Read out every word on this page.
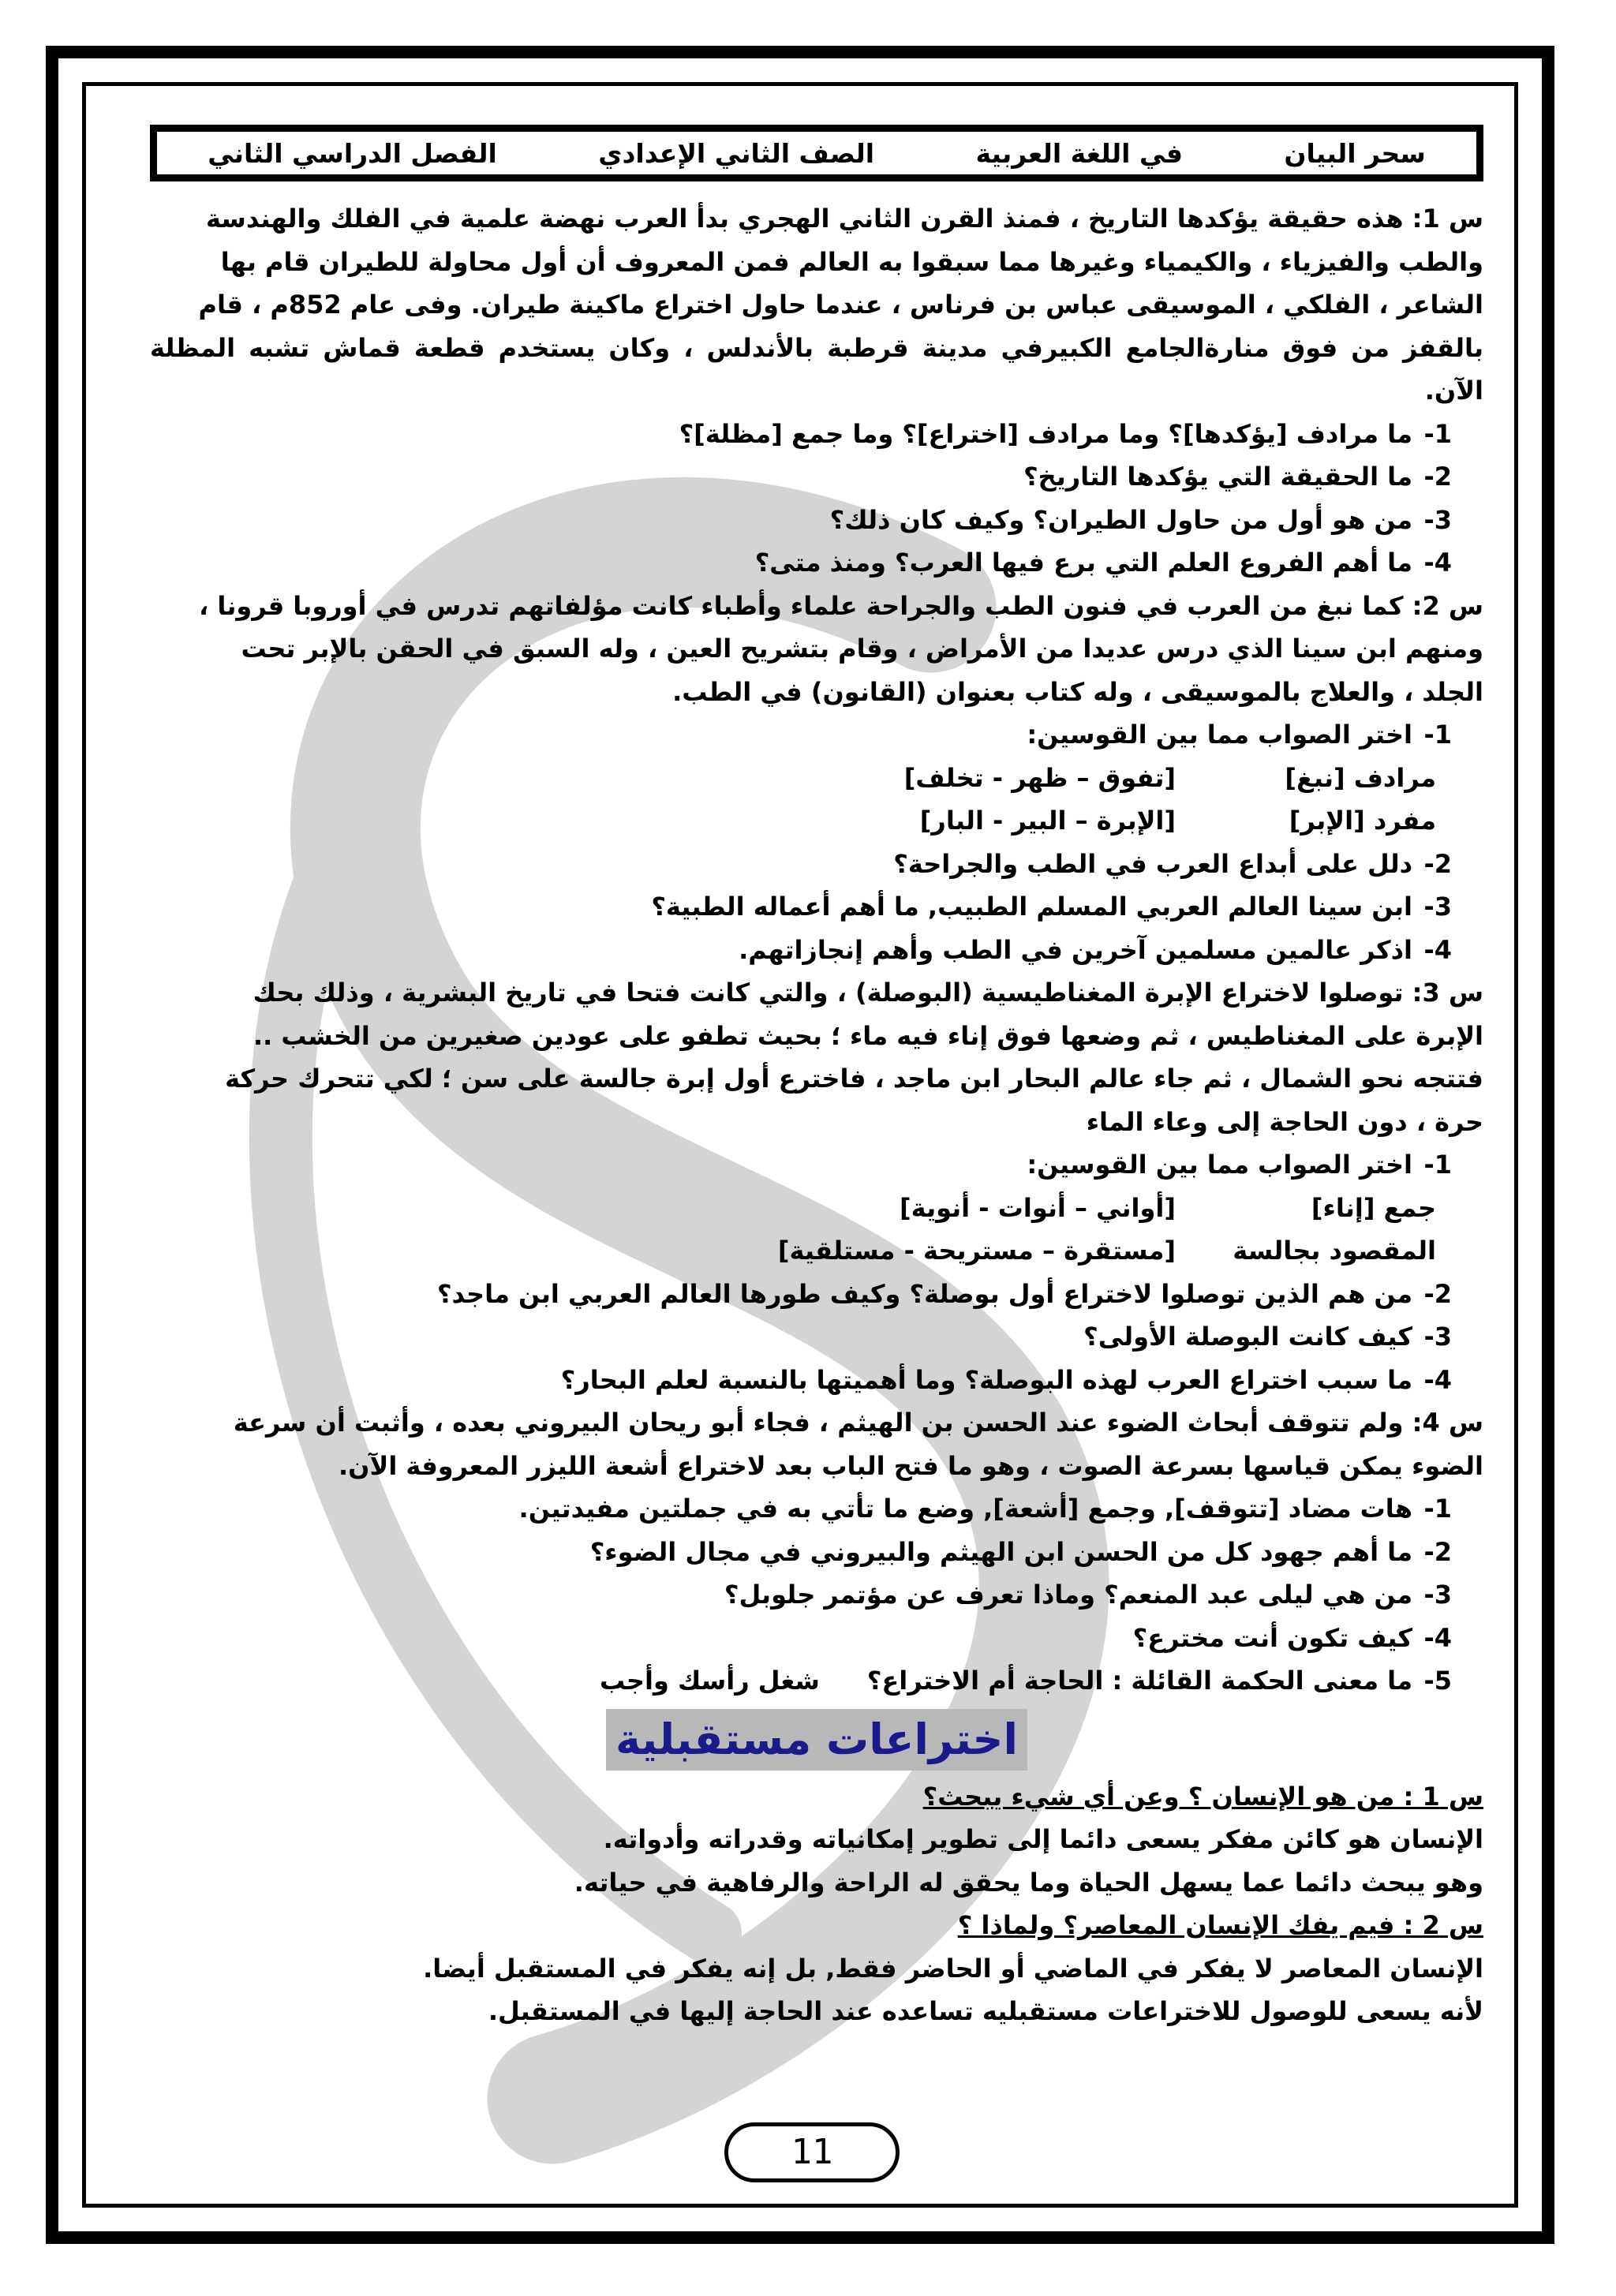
سحر البيان
في اللغة العربية
الصف الثاني الإعدادي
الفصل الدراسي الثاني

س 1: هذه حقيقة يؤكدها التاريخ ، فمنذ القرن الثاني الهجري بدأ العرب نهضة علمية في الفلك والهندسة

والطب والفيزياء ، والكيمياء وغيرها مما سبقوا به العالم فمن المعروف أن أول محاولة للطيران قام بها

الشاعر ، الفلكي ، الموسيقى عباس بن فرناس ، عندما حاول اختراع ماكينة طيران. وفى عام 852م ، قام

بالقفز من فوق منارةالجامع الكبيرفي مدينة قرطبة بالأندلس ، وكان يستخدم قطعة قماش تشبه المظلة الآن.

1-ما مرادف [يؤكدها]؟ وما مرادف [اختراع]؟ وما جمع [مظلة]؟
2-ما الحقيقة التي يؤكدها التاريخ؟
3-من هو أول من حاول الطيران؟ وكيف كان ذلك؟
4-ما أهم الفروع العلم التي برع فيها العرب؟ ومنذ متى؟

س 2: كما نبغ من العرب في فنون الطب والجراحة علماء وأطباء كانت مؤلفاتهم تدرس في أوروبا قرونا ،

ومنهم ابن سينا الذي درس عديدا من الأمراض ، وقام بتشريح العين ، وله السبق في الحقن بالإبر تحت

الجلد ، والعلاج بالموسيقى ، وله كتاب بعنوان (القانون) في الطب.

1-اختر الصواب مما بين القوسين:
مرادف [نبغ]
[تفوق – ظهر - تخلف]
مفرد [الإبر]
[الإبرة – البير - البار]
2-دلل على أبداع العرب في الطب والجراحة؟
3-ابن سينا العالم العربي المسلم الطبيب, ما أهم أعماله الطبية؟
4-اذكر عالمين مسلمين آخرين في الطب وأهم إنجازاتهم.

س 3: توصلوا لاختراع الإبرة المغناطيسية (البوصلة) ، والتي كانت فتحا في تاريخ البشرية ، وذلك بحك

الإبرة على المغناطيس ، ثم وضعها فوق إناء فيه ماء ؛ بحيث تطفو على عودين صغيرين من الخشب ..

فتتجه نحو الشمال ، ثم جاء عالم البحار ابن ماجد ، فاخترع أول إبرة جالسة على سن ؛ لكي تتحرك حركة

حرة ، دون الحاجة إلى وعاء الماء

1-اختر الصواب مما بين القوسين:
جمع [إناء]
[أواني – أنوات - أنوية]
المقصود بجالسة
[مستقرة – مستريحة - مستلقية]
2-من هم الذين توصلوا لاختراع أول بوصلة؟ وكيف طورها العالم العربي ابن ماجد؟
3-كيف كانت البوصلة الأولى؟
4-ما سبب اختراع العرب لهذه البوصلة؟ وما أهميتها بالنسبة لعلم البحار؟

س 4: ولم تتوقف أبحاث الضوء عند الحسن بن الهيثم ، فجاء أبو ريحان البيروني بعده ، وأثبت أن سرعة

الضوء يمكن قياسها بسرعة الصوت ، وهو ما فتح الباب بعد لاختراع أشعة الليزر المعروفة الآن.

1-هات مضاد [تتوقف], وجمع [أشعة], وضع ما تأتي به في جملتين مفيدتين.
2-ما أهم جهود كل من الحسن ابن الهيثم والبيروني في مجال الضوء؟
3-من هي ليلى عبد المنعم؟ وماذا تعرف عن مؤتمر جلوبل؟
4-كيف تكون أنت مخترع؟
5-ما معنى الحكمة القائلة : الحاجة أم الاختراع؟شغل رأسك وأجب
اختراعات مستقبلية
س 1 : من هو الإنسان ؟ وعن أي شيء يبحث؟
الإنسان هو كائن مفكر يسعى دائما إلى تطوير إمكانياته وقدراته وأدواته.
وهو يبحث دائما عما يسهل الحياة وما يحقق له الراحة والرفاهية في حياته.
س 2 : فيم يفك الإنسان المعاصر؟ ولماذا ؟
الإنسان المعاصر لا يفكر في الماضي أو الحاضر فقط, بل إنه يفكر في المستقبل أيضا.
لأنه يسعى للوصول للاختراعات مستقبليه تساعده عند الحاجة إليها في المستقبل.
11
